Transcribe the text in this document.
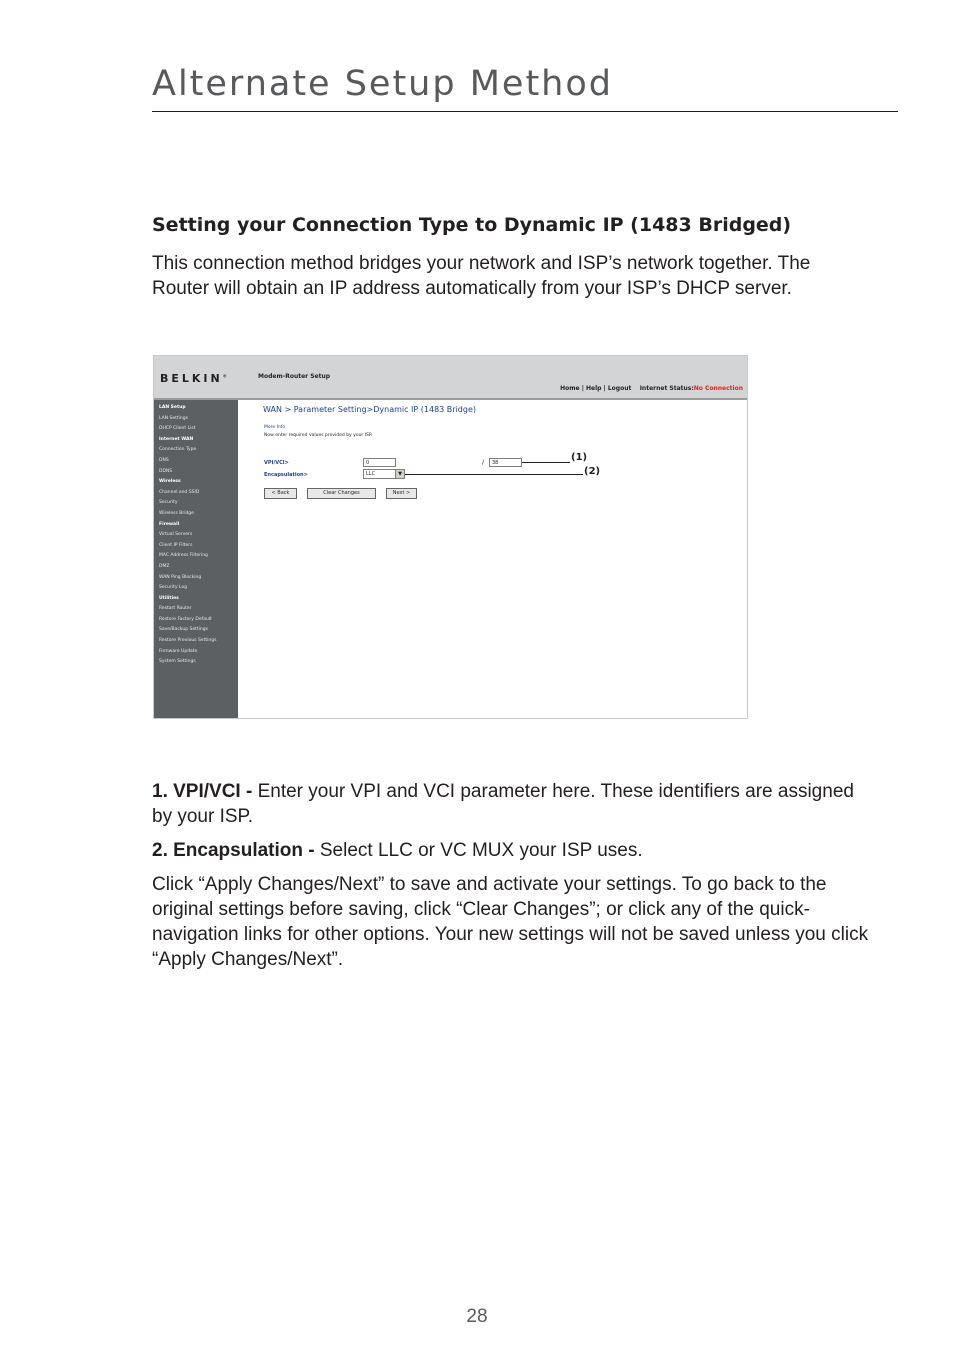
Alternate Setup Method
Setting your Connection Type to Dynamic IP (1483 Bridged)

This connection method bridges your network and ISP’s network together. The Router will obtain an IP address automatically from your ISP’s DHCP server.

BELKIN®	Modem-Router Setup
Home | Help | Logout Internet Status:No Connection
LAN Setup
LAN Settings
DHCP Client List
Internet WAN
Connection Type
DNS
DDNS
Wireless
Channel and SSID
Security
Wireless Bridge
Firewall
Virtual Servers
Client IP Filters
MAC Address Filtering
DMZ
WAN Ping Blocking
Security Log
Utilities
Restart Router
Restore Factory Default
Save/Backup Settings
Restore Previous Settings
Firmware Update
System Settings
WAN > Parameter Setting>Dynamic IP (1483 Bridge)
More Info
Now enter required values provided by your ISP.
VPI/VCI>	0	/	38
Encapsulation>	LLC	▼
< Back	Clear Changes	Next >
(1)
(2)

1. VPI/VCI - Enter your VPI and VCI parameter here. These identifiers are assigned by your ISP.

2. Encapsulation - Select LLC or VC MUX your ISP uses.

Click “Apply Changes/Next” to save and activate your settings. To go back to the original settings before saving, click “Clear Changes”; or click any of the quick-navigation links for other options. Your new settings will not be saved unless you click “Apply Changes/Next”.

28
